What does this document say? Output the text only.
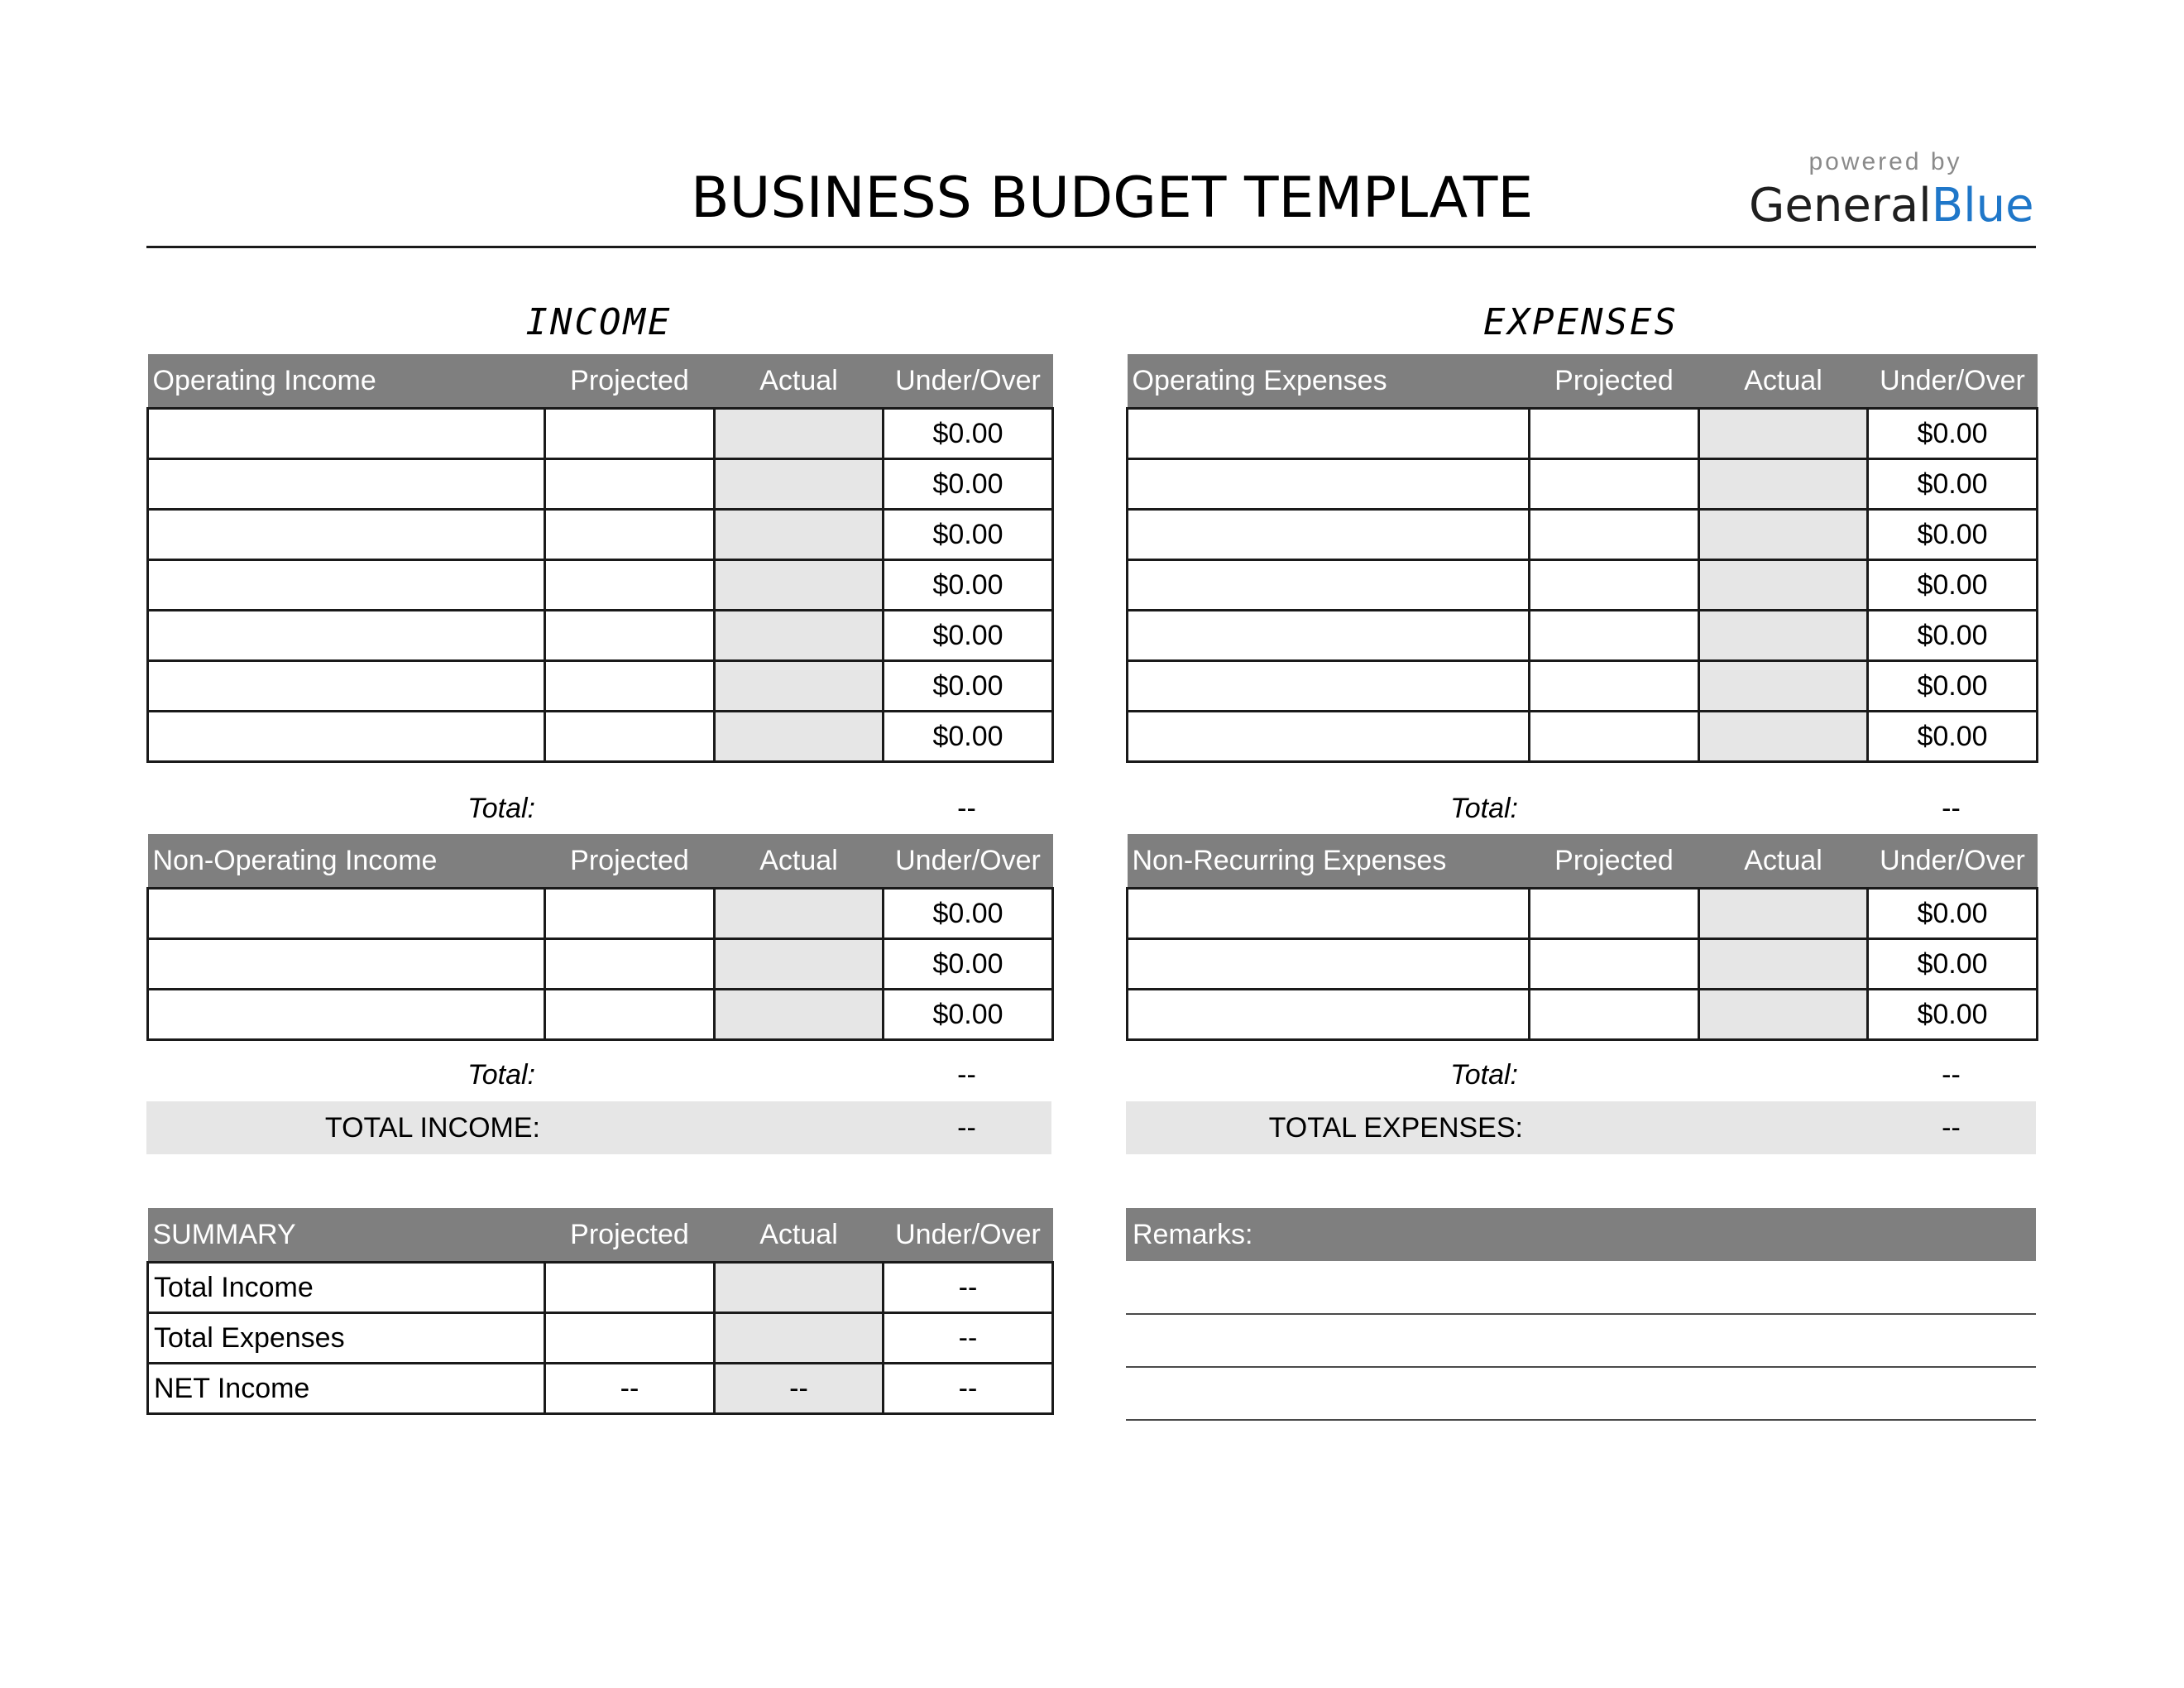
BUSINESS BUDGET TEMPLATE
powered by
GeneralBlue
INCOME	EXPENSES
Operating Income	Projected	Actual	Under/Over
			$0.00
			$0.00
			$0.00
			$0.00
			$0.00
			$0.00
			$0.00
Total:	--
Non-Operating Income	Projected	Actual	Under/Over
			$0.00
			$0.00
			$0.00
Total:	--
TOTAL INCOME:	--
Operating Expenses	Projected	Actual	Under/Over
			$0.00
			$0.00
			$0.00
			$0.00
			$0.00
			$0.00
			$0.00
Total:	--
Non-Recurring Expenses	Projected	Actual	Under/Over
			$0.00
			$0.00
			$0.00
Total:	--
TOTAL EXPENSES:	--
SUMMARY	Projected	Actual	Under/Over
Total Income			--
Total Expenses			--
NET Income	--	--	--
Remarks:
